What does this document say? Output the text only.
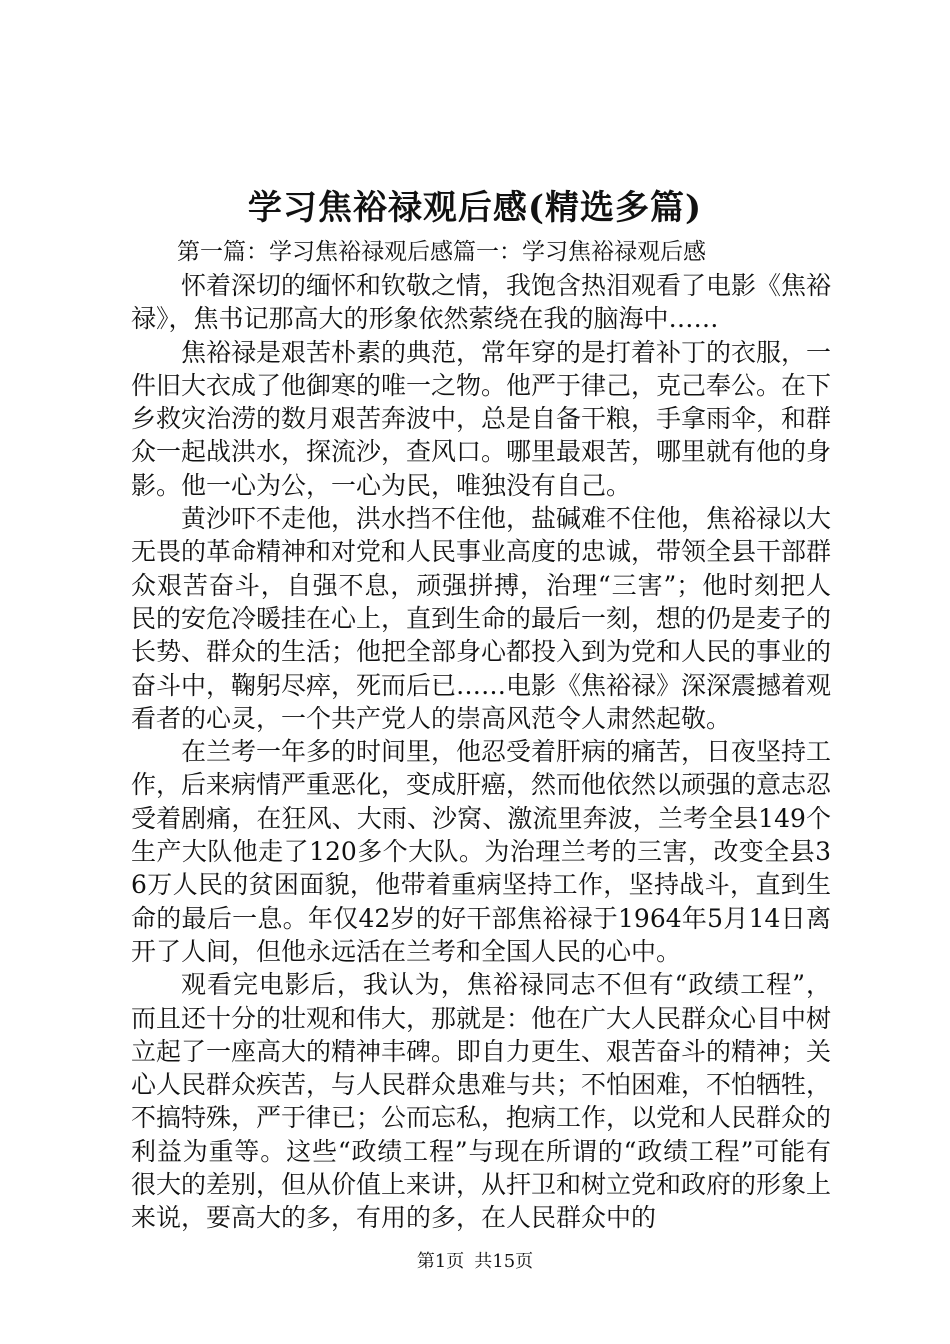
学习焦裕禄观后感(精选多篇)

第一篇：学习焦裕禄观后感篇一：学习焦裕禄观后感

怀着深切的缅怀和钦敬之情，我饱含热泪观看了电影《焦裕禄》，焦书记那高大的形象依然萦绕在我的脑海中……

焦裕禄是艰苦朴素的典范，常年穿的是打着补丁的衣服，一件旧大衣成了他御寒的唯一之物。他严于律己，克己奉公。在下乡救灾治涝的数月艰苦奔波中，总是自备干粮，手拿雨伞，和群众一起战洪水，探流沙，查风口。哪里最艰苦，哪里就有他的身影。他一心为公，一心为民，唯独没有自己。

黄沙吓不走他，洪水挡不住他，盐碱难不住他，焦裕禄以大无畏的革命精神和对党和人民事业高度的忠诚，带领全县干部群众艰苦奋斗，自强不息，顽强拼搏，治理“三害”；他时刻把人民的安危冷暖挂在心上，直到生命的最后一刻，想的仍是麦子的长势、群众的生活；他把全部身心都投入到为党和人民的事业的奋斗中，鞠躬尽瘁，死而后已……电影《焦裕禄》深深震撼着观看者的心灵，一个共产党人的崇高风范令人肃然起敬。

在兰考一年多的时间里，他忍受着肝病的痛苦，日夜坚持工作，后来病情严重恶化，变成肝癌，然而他依然以顽强的意志忍受着剧痛，在狂风、大雨、沙窝、激流里奔波，兰考全县149个生产大队他走了120多个大队。为治理兰考的三害，改变全县36万人民的贫困面貌，他带着重病坚持工作，坚持战斗，直到生命的最后一息。年仅42岁的好干部焦裕禄于1964年5月14日离开了人间，但他永远活在兰考和全国人民的心中。

观看完电影后，我认为，焦裕禄同志不但有“政绩工程”，而且还十分的壮观和伟大，那就是：他在广大人民群众心目中树立起了一座高大的精神丰碑。即自力更生、艰苦奋斗的精神；关心人民群众疾苦，与人民群众患难与共；不怕困难，不怕牺牲，不搞特殊，严于律已；公而忘私，抱病工作，以党和人民群众的利益为重等。这些“政绩工程”与现在所谓的“政绩工程”可能有很大的差别，但从价值上来讲，从扞卫和树立党和政府的形象上来说，要高大的多，有用的多，在人民群众中的

第1页 共15页
